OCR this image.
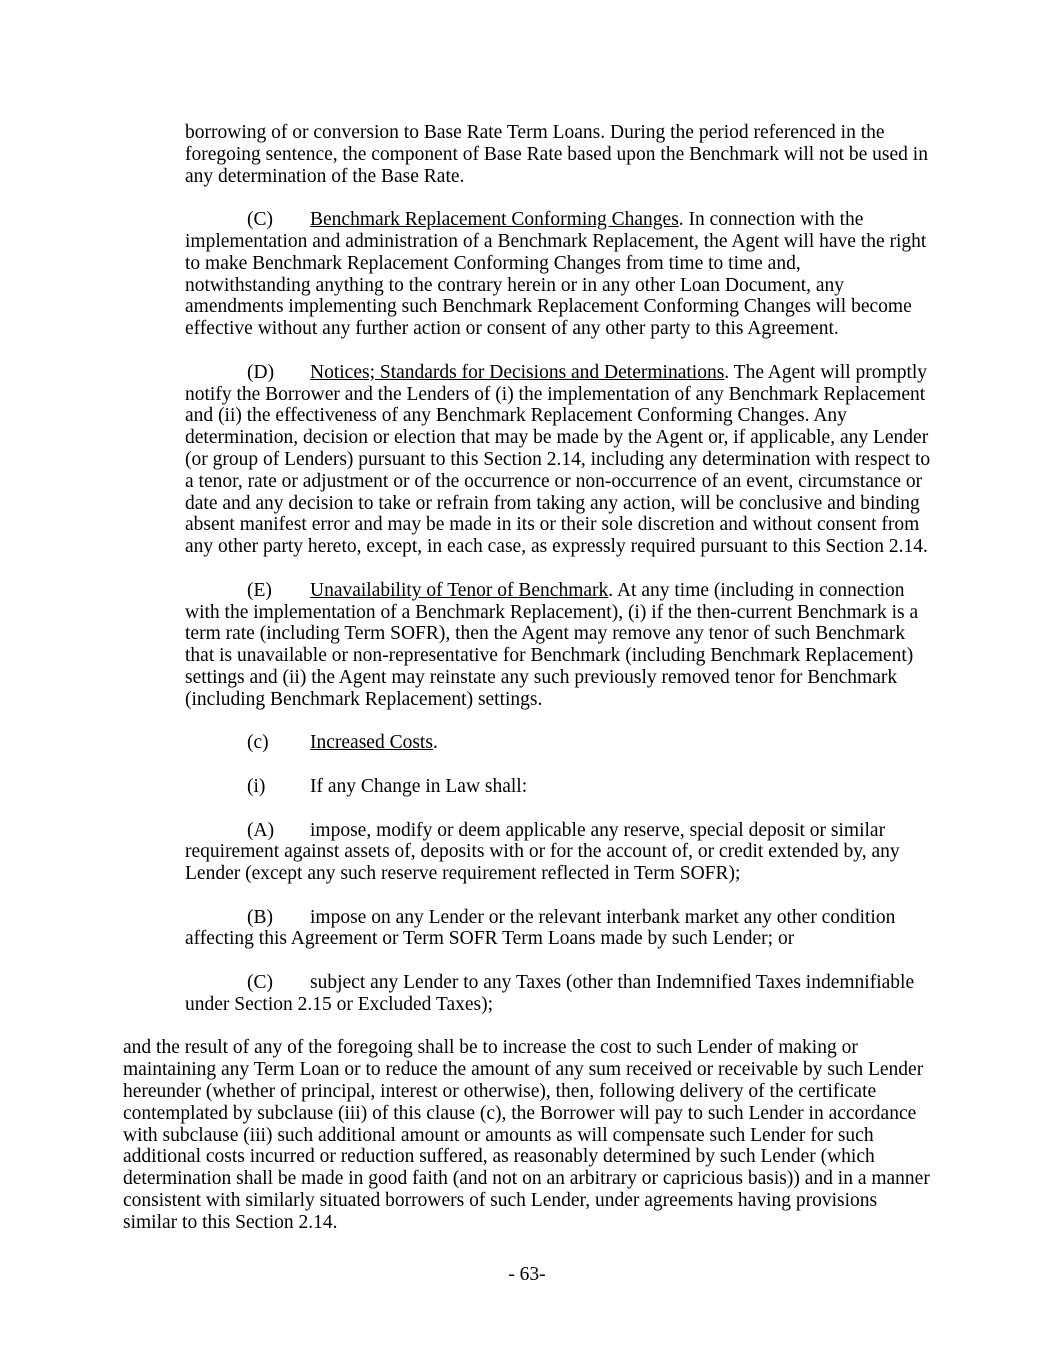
borrowing of or conversion to Base Rate Term Loans. During the period referenced in the foregoing sentence, the component of Base Rate based upon the Benchmark will not be used in any determination of the Base Rate.

(C) Benchmark Replacement Conforming Changes. In connection with the implementation and administration of a Benchmark Replacement, the Agent will have the right to make Benchmark Replacement Conforming Changes from time to time and, notwithstanding anything to the contrary herein or in any other Loan Document, any amendments implementing such Benchmark Replacement Conforming Changes will become effective without any further action or consent of any other party to this Agreement.

(D) Notices; Standards for Decisions and Determinations. The Agent will promptly notify the Borrower and the Lenders of (i) the implementation of any Benchmark Replacement and (ii) the effectiveness of any Benchmark Replacement Conforming Changes. Any determination, decision or election that may be made by the Agent or, if applicable, any Lender (or group of Lenders) pursuant to this Section 2.14, including any determination with respect to a tenor, rate or adjustment or of the occurrence or non-occurrence of an event, circumstance or date and any decision to take or refrain from taking any action, will be conclusive and binding absent manifest error and may be made in its or their sole discretion and without consent from any other party hereto, except, in each case, as expressly required pursuant to this Section 2.14.

(E) Unavailability of Tenor of Benchmark. At any time (including in connection with the implementation of a Benchmark Replacement), (i) if the then-current Benchmark is a term rate (including Term SOFR), then the Agent may remove any tenor of such Benchmark that is unavailable or non-representative for Benchmark (including Benchmark Replacement) settings and (ii) the Agent may reinstate any such previously removed tenor for Benchmark (including Benchmark Replacement) settings.

(c) Increased Costs.

(i) If any Change in Law shall:

(A) impose, modify or deem applicable any reserve, special deposit or similar requirement against assets of, deposits with or for the account of, or credit extended by, any Lender (except any such reserve requirement reflected in Term SOFR);

(B) impose on any Lender or the relevant interbank market any other condition affecting this Agreement or Term SOFR Term Loans made by such Lender; or

(C) subject any Lender to any Taxes (other than Indemnified Taxes indemnifiable under Section 2.15 or Excluded Taxes);

and the result of any of the foregoing shall be to increase the cost to such Lender of making or maintaining any Term Loan or to reduce the amount of any sum received or receivable by such Lender hereunder (whether of principal, interest or otherwise), then, following delivery of the certificate contemplated by subclause (iii) of this clause (c), the Borrower will pay to such Lender in accordance with subclause (iii) such additional amount or amounts as will compensate such Lender for such additional costs incurred or reduction suffered, as reasonably determined by such Lender (which determination shall be made in good faith (and not on an arbitrary or capricious basis)) and in a manner consistent with similarly situated borrowers of such Lender, under agreements having provisions similar to this Section 2.14.

- 63-
